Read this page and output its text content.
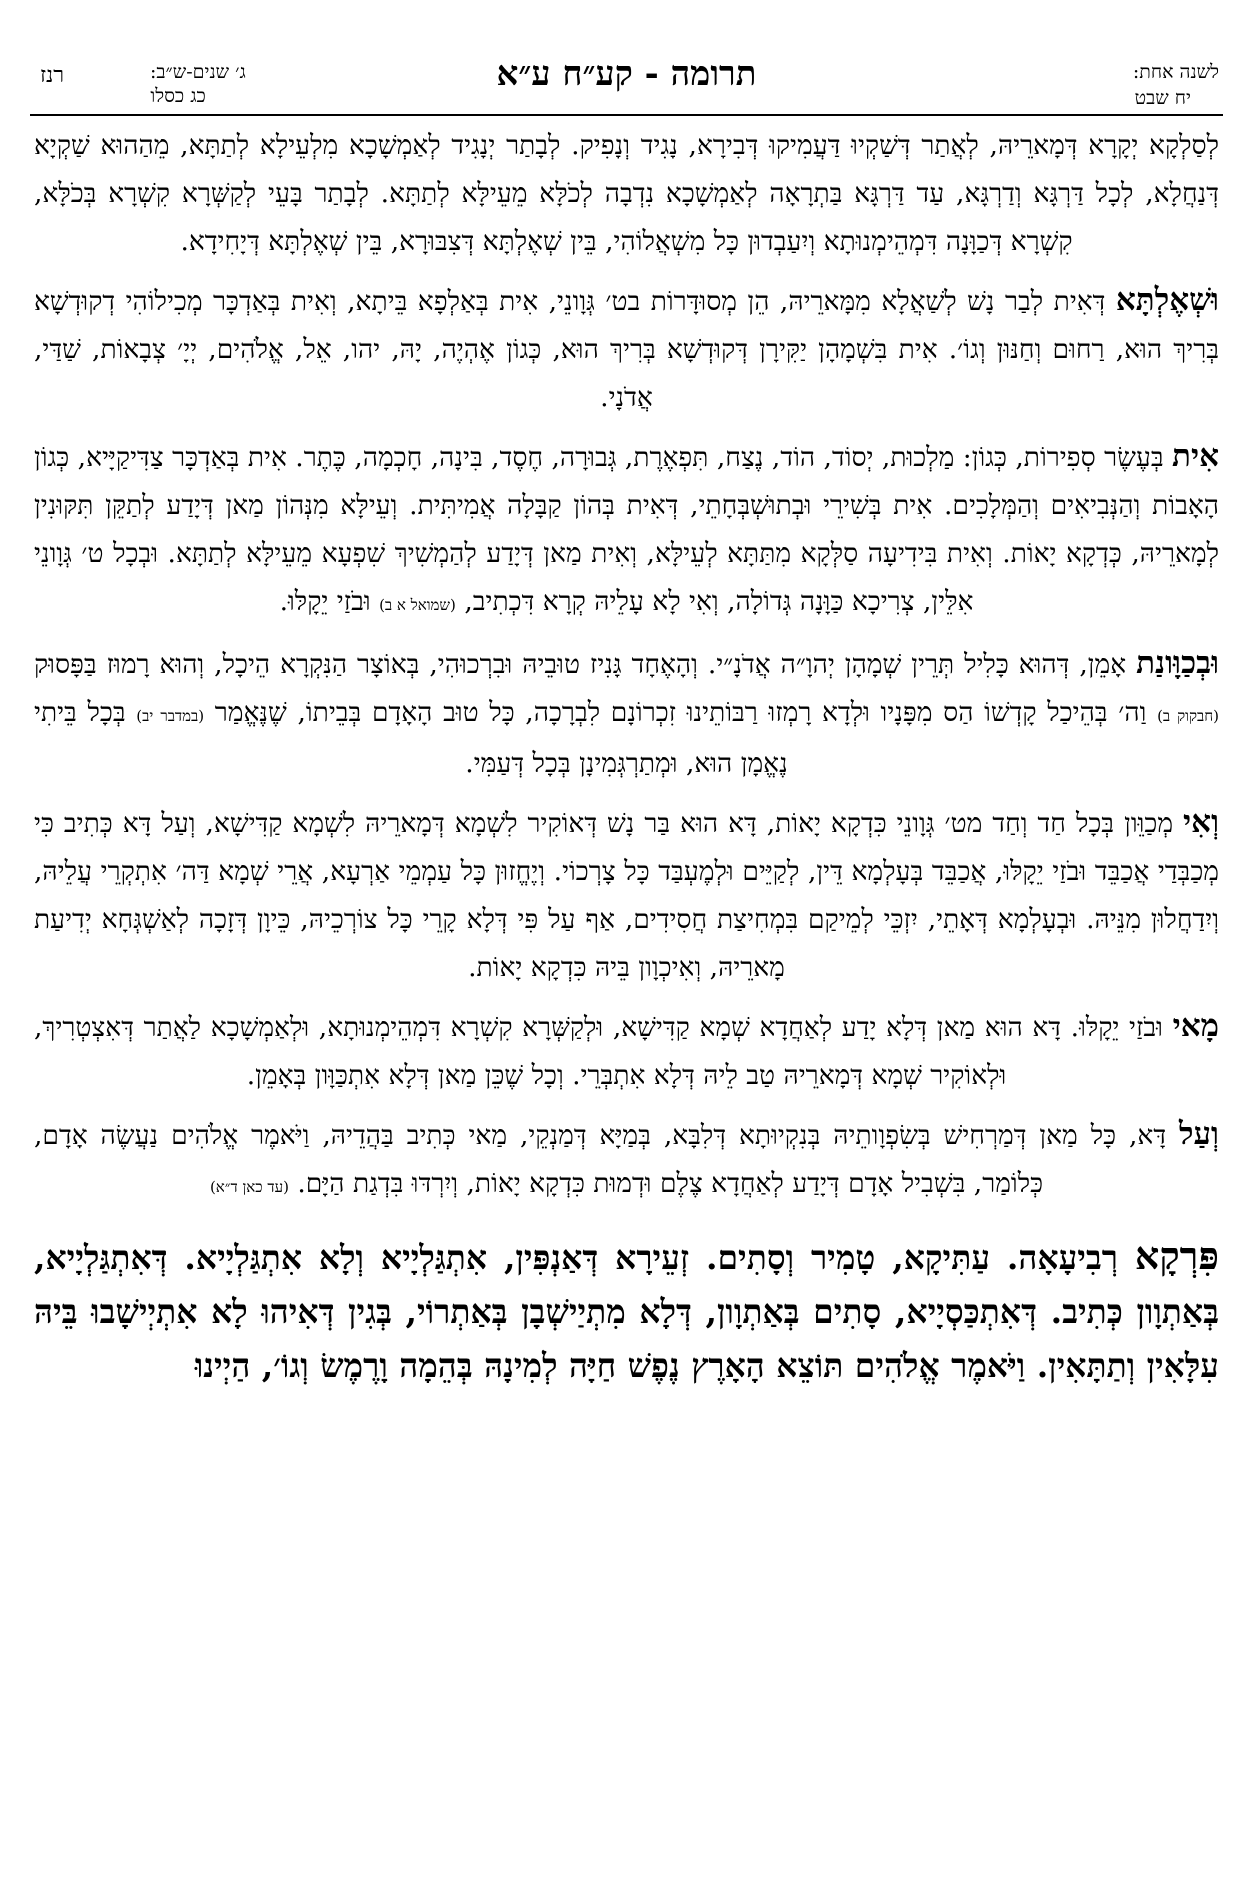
לשנה אחת:
יח שבט
תרומה - קע״ח ע״א
ג׳ שנים-ש״ב:
כג כסלו
רנז

לְסַלְקָא יְקָרָא דְּמָארֵיהּ, לְאֲתַר דְּשַׁקְיוּ דַּעֲמִיקוּ דְּבִירָא, נָגִיד וְנָפִיק. לְבָתַר יְנָגִיד לְאַמְשָׁכָא מִלְעֵילָא לְתַתָּא, מֵהַהוּא שַׁקְיָא דְּנַחֲלָא, לְכָל דַּרְגָּא וְדַרְגָּא, עַד דַּרְגָּא בַּתְרָאָה לְאַמְשָׁכָא נִדְבָה לְכֹלָּא מֵעֵילָּא לְתַתָּא. לְבָתַר בָּעֵי לְקַשְּׁרָא קִשְׁרָא בְּכֹלָּא, קִשְׁרָא דְּכַוָּנָה דִּמְהֵימְנוּתָא וְיִעַבְדוּן כָּל מִשְׁאֲלוֹהִי, בֵּין שְׁאֶלְתָּא דְּצִבּוּרָא, בֵּין שְׁאֶלְתָּא דְּיָחִידָא.

וּשְׁאֶלְתָּא דְּאִית לְבַר נָשׁ לְשַׁאֲלָא מִמָּארֵיהּ, הֵן מְסוּדָּרוֹת בט׳ גְּוָונֵי, אִית בְּאַלְפָא בֵּיתָא, וְאִית בְּאַדְכָּר מְכִילוֹהִי דְקוּדְשָׁא בְּרִיךְ הוּא, רַחוּם וְחַנּוּן וְגוֹ׳. אִית בִּשְׁמָהָן יַקִּירָן דְּקוּדְשָׁא בְּרִיךְ הוּא, כְּגוֹן אֶהְיֶה, יָהּ, יהו, אֵל, אֱלֹהִים, יְיָ׳ צְבָאוֹת, שַׁדַּי, אֲדֹנָי.

אִית בְּעֶשֶׂר סְפִירוֹת, כְּגוֹן: מַלְכוּת, יְסוֹד, הוֹד, נֶצַח, תִּפְאֶרֶת, גְּבוּרָה, חֶסֶד, בִּינָה, חָכְמָה, כֶּתֶר. אִית בְּאַדְכָּר צַדִּיקַיָּיא, כְּגוֹן הָאָבוֹת וְהַנְּבִיאִים וְהַמְּלָכִים. אִית בְּשִׁירֵי וּבְתוּשְׁבְּחָתֵי, דְּאִית בְּהוֹן קַבָּלָה אֲמִיתִּית. וְעֵילָּא מִנְּהוֹן מַאן דְּיָדַע לְתַקֵּן תִּקּוּנִין לְמָארֵיהּ, כְּדְקָא יָאוֹת. וְאִית בִּידִיעָה סַלְּקָא מִתַּתָּא לְעֵילָּא, וְאִית מַאן דְּיָדַע לְהַמְשִׁיךְ שִׁפְעָא מֵעֵילָּא לְתַתָּא. וּבְכָל ט׳ גְּוָונֵי אִלֵּין, צְרִיכָא כַּוָּנָה גְּדוֹלָה, וְאִי לָא עָלֵיהּ קְרָא דִּכְתִיב, (שמואל א ב) וּבֹזַי יֵקָלּוּ.

וּבְכַוָּונַת אָמֵן, דְּהוּא כָּלִיל תְּרֵין שְׁמָהָן יְהוָ״ה אֲדֹנָ״י. וְהָאֶחָד גָּנִיז טוּבֵיהּ וּבִרְכוּהִי, בְּאוֹצָר הַנִּקְרָא הֵיכָל, וְהוּא רָמוּז בַּפָּסוּק (חבקוק ב) וַה׳ בְּהֵיכַל קָדְשׁוֹ הַס מִפָּנָיו וּלְדָא רָמְזוּ רַבּוֹתֵינוּ זִכְרוֹנָם לִבְרָכָה, כָּל טוּב הָאָדָם בְּבֵיתוֹ, שֶׁנֶּאֱמַר (במדבר יב) בְּכָל בֵּיתִי נֶאֱמָן הוּא, וּמְתַרְגְּמִינָן בְּכָל דְּעַמִּי.

וְאִי מְכַוֵּון בְּכָל חַד וְחַד מט׳ גְּוָונֵי כִּדְקָא יָאוֹת, דָּא הוּא בַּר נָשׁ דְּאוֹקִיר לִשְׁמָא דְּמָארֵיהּ לִשְׁמָא קַדִּישָׁא, וְעַל דָּא כְּתִיב כִּי מְכַבְּדַי אֲכַבֵּד וּבֹזַי יֵקָלּוּ, אֲכַבֵּד בְּעָלְמָא דֵּין, לְקַיֵּים וּלְמֶעְבַּד כָּל צָרְכוֹי. וְיֶחֱזוּן כָּל עַמְמֵי אַרְעָא, אֲרֵי שְׁמָא דַּה׳ אִתְקְרֵי עֲלֵיהּ, וְיִדַחֲלוּן מִנֵּיהּ. וּבְעָלְמָא דְּאָתֵי, יִזְכֵּי לְמֵיקַם בִּמְחִיצַת חֲסִידִים, אַף עַל פִּי דְּלָא קָרֵי כָּל צוֹרְכֵיהּ, כֵּיוָן דְּזָכָה לְאַשְׁגְּחָא יְדִיעַת מָארֵיהּ, וְאִיכְוָון בֵּיהּ כִּדְקָא יָאוֹת.

מָאי וּבֹזַי יֵקָלּוּ. דָּא הוּא מַאן דְּלָא יָדַע לְאַחֲדָא שְׁמָא קַדִּישָׁא, וּלְקַשְּׁרָא קִשְׁרָא דִּמְהֵימְנוּתָא, וּלְאַמְשָׁכָא לַאֲתַר דְּאִצְטְרִיךְ, וּלְאוֹקִיר שְׁמָא דְּמָארֵיהּ טַב לֵיהּ דְּלָא אִתְבְּרֵי. וְכָל שֶׁכֵּן מַאן דְּלָא אִתְכַּוָּון בְּאָמֵן.

וְעַל דָּא, כָּל מַאן דְּמַרְחִישׁ בְּשִׂפְוָותֵיהּ בְּנִקְיוּתָא דְּלִבָּא, בְּמַיָּא דְּמַנְקֵי, מַאי כְּתִיב בַּהֲדֵיהּ, וַיֹּאמֶר אֱלֹהִים נַעֲשֶׂה אָדָם, כְּלוֹמַר, בִּשְׁבִיל אָדָם דְּיָדַע לְאַחֲדָא צֶלֶם וּדְמוּת כִּדְקָא יָאוֹת, וְיִרְדּוּ בִּדְגַת הַיָּם. (עד כאן ד״א)

פִּרְקָא רְבִיעָאָה. עַתִּיקָא, טָמִיר וְסָתִים. זְעֵירָא דְּאַנְפִּין, אִתְגַּלְיָיא וְלָא אִתְגַּלְיָיא. דְּאִתְגַּלְיָיא, בְּאַתְוָון כְּתִיב. דְּאִתְכַּסְיָיא, סָתִים בְּאַתְוָון, דְּלָא מִתְיַישְׁבָן בְּאַתְרוֹי, בְּגִין דְּאִיהוּ לָא אִתְיְישָׁבוּ בֵּיהּ עִלָּאִין וְתַתָּאִין. וַיֹּאמֶר אֱלֹהִים תּוֹצֵא הָאָרֶץ נֶפֶשׁ חַיָּה לְמִינָהּ בְּהֵמָה וָרֶמֶשׂ וְגוֹ׳, הַיְינוּ
